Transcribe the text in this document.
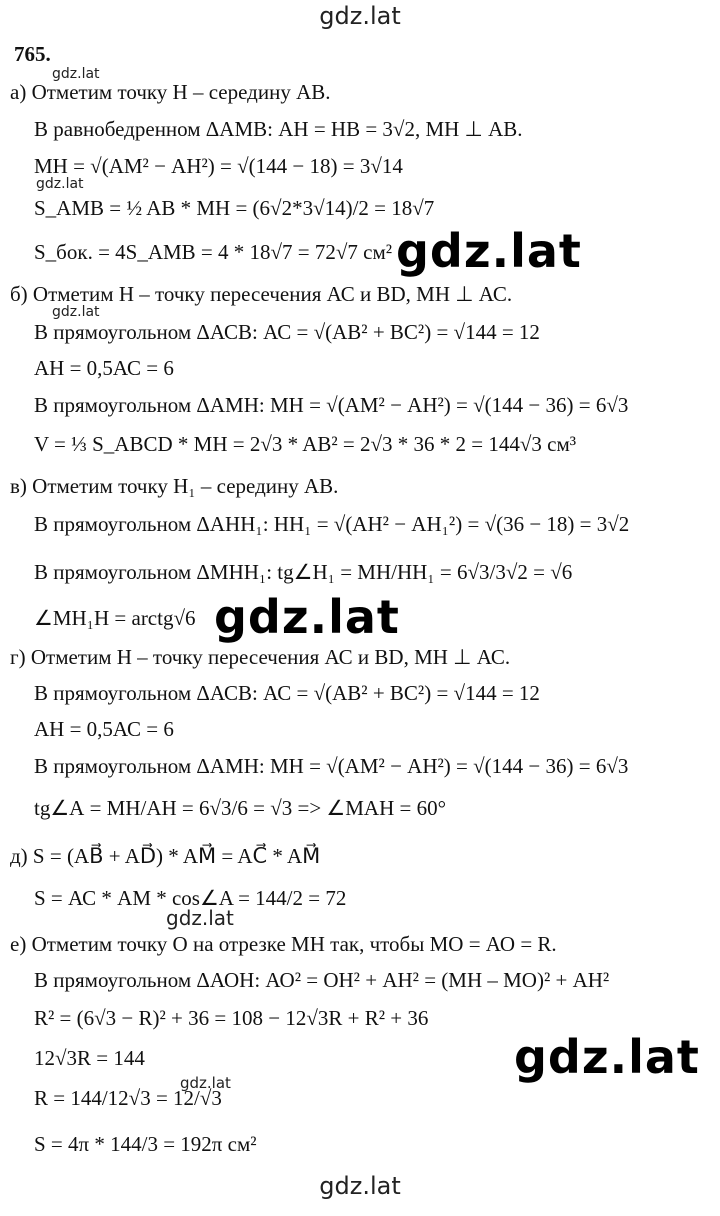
gdz.lat
765.
gdz.lat
а) Отметим точку Н – середину АВ.
В равнобедренном ΔАМВ: АН = НВ = 3√2, МН ⊥ АВ.
МН = √(АМ² − АН²) = √(144 − 18) = 3√14
gdz.lat
S_AMB = ½ AB * MH = (6√2*3√14)/2 = 18√7
S_бок. = 4S_AMB = 4 * 18√7 = 72√7 см² gdz.lat
б) Отметим Н – точку пересечения АС и ВD, МН ⊥ АС.
gdz.lat
В прямоугольном ΔАСВ: АС = √(АВ² + ВС²) = √144 = 12
АН = 0,5АС = 6
В прямоугольном ΔАМН: МН = √(АМ² − АН²) = √(144 − 36) = 6√3
V = ⅓ S_ABCD * MH = 2√3 * AB² = 2√3 * 36 * 2 = 144√3 см³
в) Отметим точку Н₁ – середину АВ.
В прямоугольном ΔАНН₁: НН₁ = √(АН² − АН₁²) = √(36 − 18) = 3√2
В прямоугольном ΔМНН₁: tg∠Н₁ = МН/НН₁ = 6√3/3√2 = √6
∠МН₁Н = arctg√6 gdz.lat
г) Отметим Н – точку пересечения АС и ВD, МН ⊥ АС.
В прямоугольном ΔАСВ: АС = √(АВ² + ВС²) = √144 = 12
АН = 0,5АС = 6
В прямоугольном ΔАМН: МН = √(АМ² − АН²) = √(144 − 36) = 6√3
tg∠А = МН/АН = 6√3/6 = √3 => ∠МАН = 60°
д) S = (AB⃗ + AD⃗) * AM⃗ = AC⃗ * AM⃗
S = АС * АМ * cos∠A = 144/2 = 72
gdz.lat
е) Отметим точку О на отрезке МН так, чтобы МО = АО = R.
В прямоугольном ΔАОН: АО² = ОН² + АН² = (МН – МО)² + АН²
R² = (6√3 − R)² + 36 = 108 − 12√3R + R² + 36
12√3R = 144	gdz.lat
R = 144/12√3 = 12/√3
gdz.lat
S = 4π * 144/3 = 192π см²
gdz.lat
